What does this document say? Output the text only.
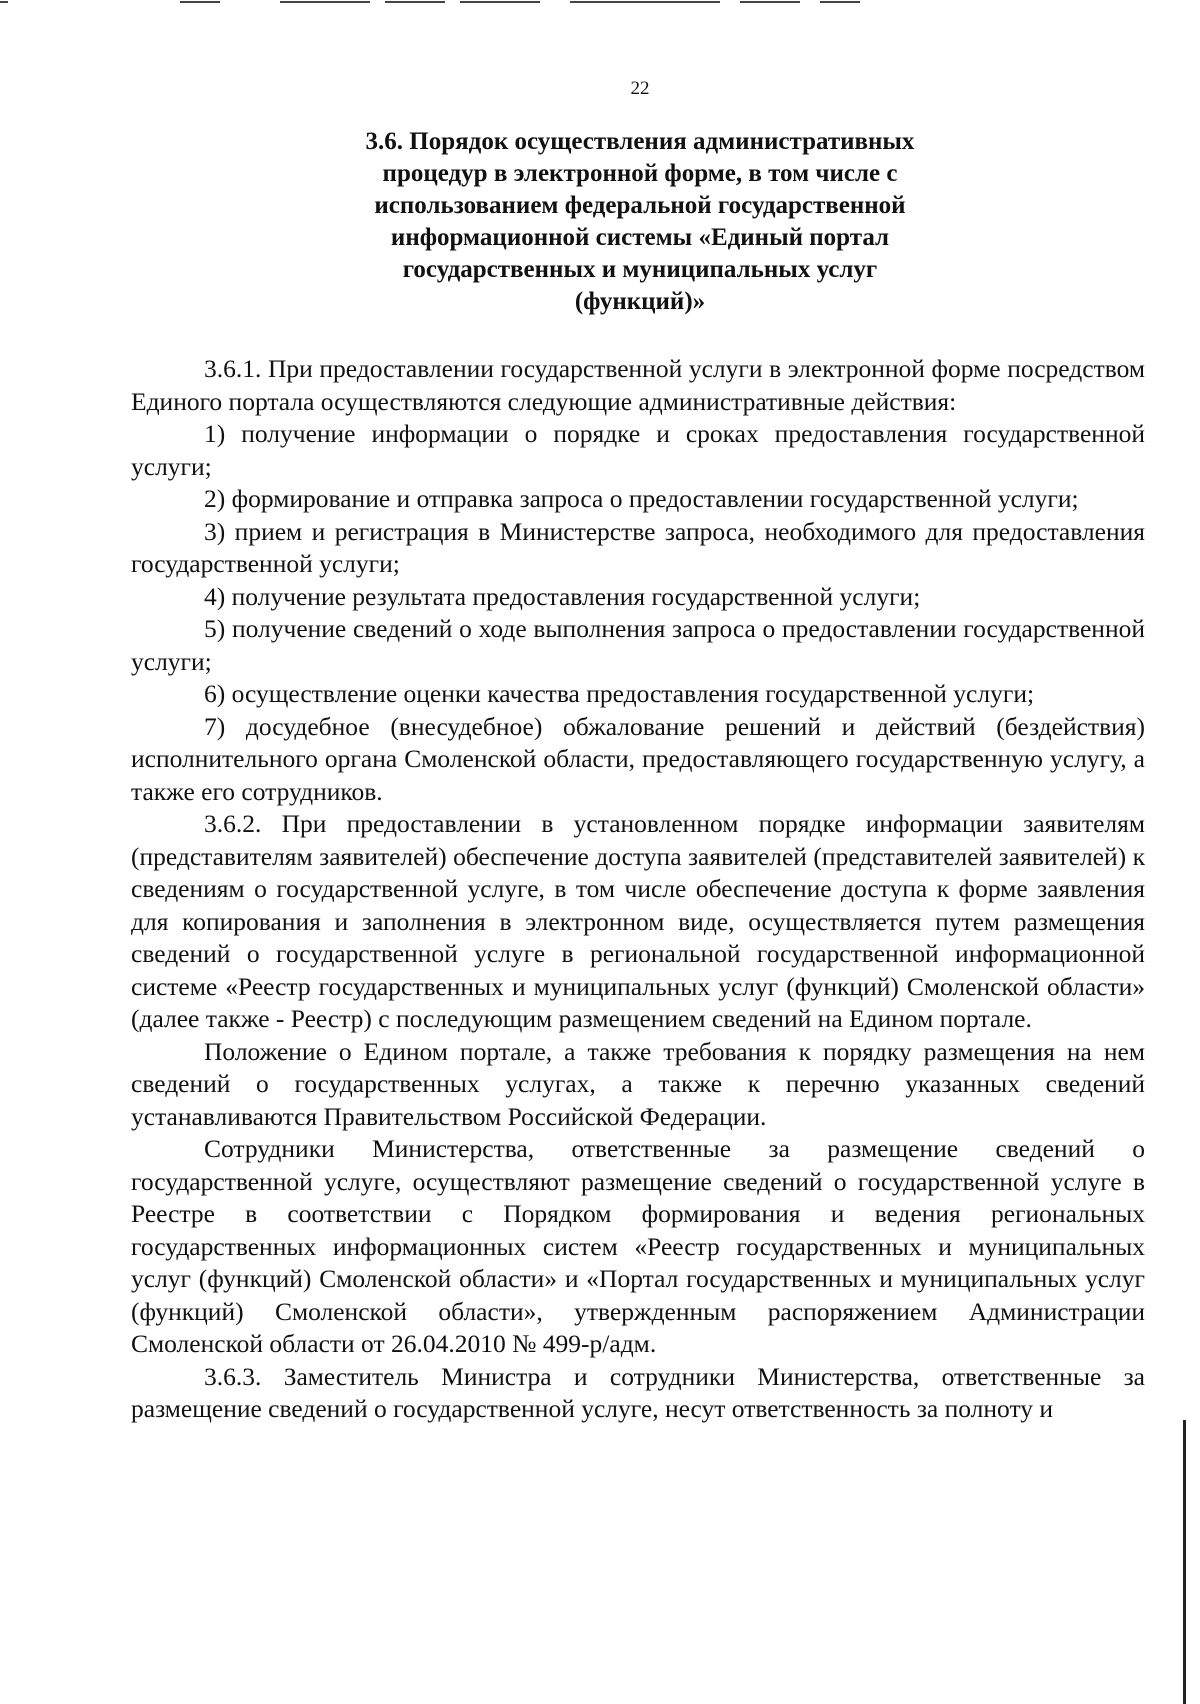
22
3.6. Порядок осуществления административных
процедур в электронной форме, в том числе с
использованием федеральной государственной
информационной системы «Единый портал
государственных и муниципальных услуг
(функций)»

3.6.1. При предоставлении государственной услуги в электронной форме посредством Единого портала осуществляются следующие административные действия:

1) получение информации о порядке и сроках предоставления государственной услуги;

2) формирование и отправка запроса о предоставлении государственной услуги;

3) прием и регистрация в Министерстве запроса, необходимого для предоставления государственной услуги;

4) получение результата предоставления государственной услуги;

5) получение сведений о ходе выполнения запроса о предоставлении государственной услуги;

6) осуществление оценки качества предоставления государственной услуги;

7) досудебное (внесудебное) обжалование решений и действий (бездействия) исполнительного органа Смоленской области, предоставляющего государственную услугу, а также его сотрудников.

3.6.2. При предоставлении в установленном порядке информации заявителям (представителям заявителей) обеспечение доступа заявителей (представителей заявителей) к сведениям о государственной услуге, в том числе обеспечение доступа к форме заявления для копирования и заполнения в электронном виде, осуществляется путем размещения сведений о государственной услуге в региональной государственной информационной системе «Реестр государственных и муниципальных услуг (функций) Смоленской области» (далее также - Реестр) с последующим размещением сведений на Едином портале.

Положение о Едином портале, а также требования к порядку размещения на нем сведений о государственных услугах, а также к перечню указанных сведений устанавливаются Правительством Российской Федерации.

Сотрудники Министерства, ответственные за размещение сведений о государственной услуге, осуществляют размещение сведений о государственной услуге в Реестре в соответствии с Порядком формирования и ведения региональных государственных информационных систем «Реестр государственных и муниципальных услуг (функций) Смоленской области» и «Портал государственных и муниципальных услуг (функций) Смоленской области», утвержденным распоряжением Администрации Смоленской области от 26.04.2010 № 499-р/адм.

3.6.3. Заместитель Министра и сотрудники Министерства, ответственные за размещение сведений о государственной услуге, несут ответственность за полноту и
